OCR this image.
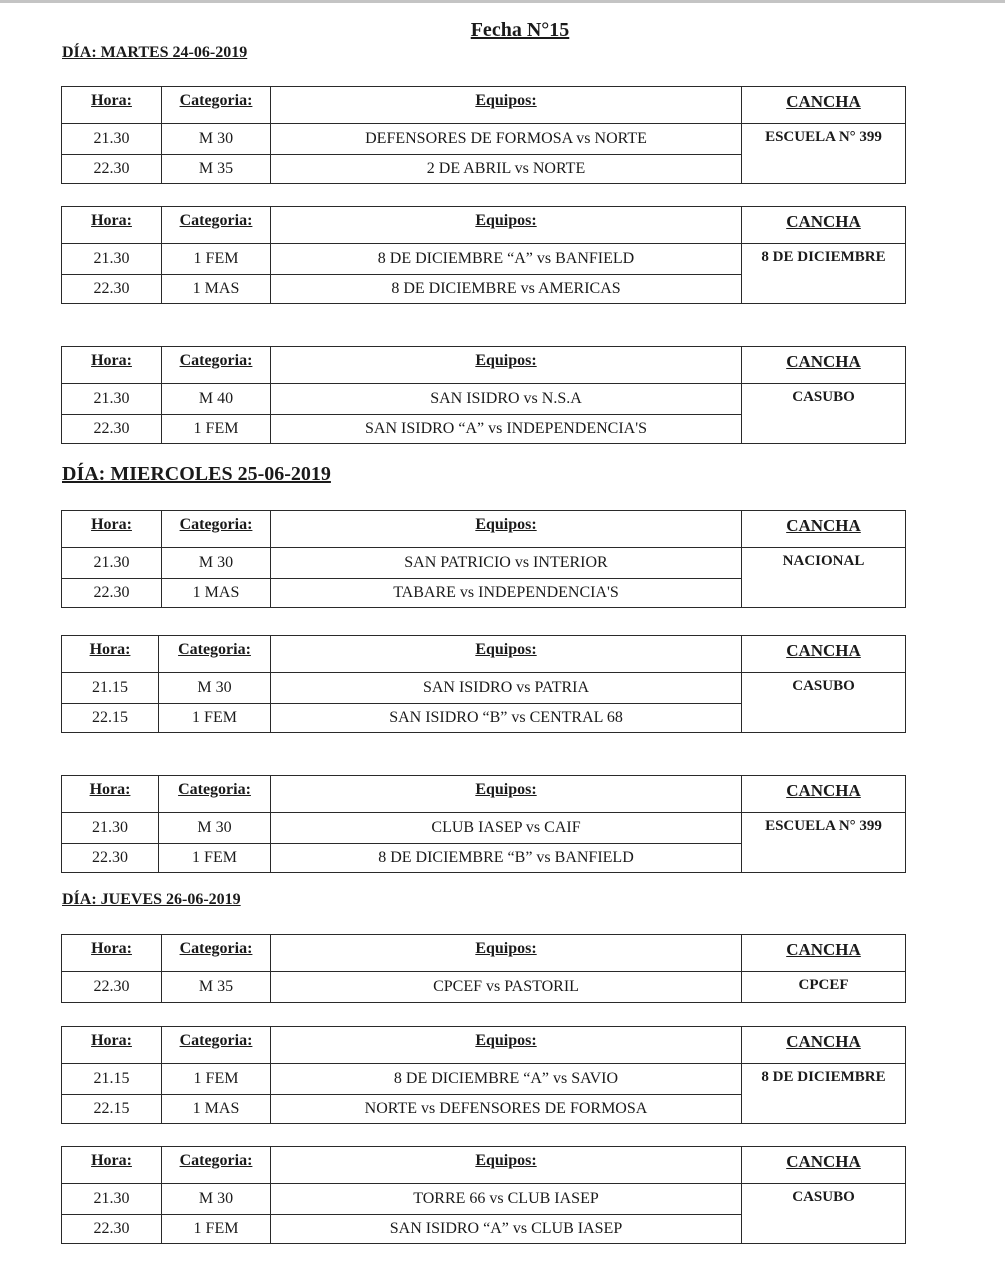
Fecha N°15
DÍA: MARTES 24-06-2019
DÍA: MIERCOLES 25-06-2019
DÍA: JUEVES 26-06-2019
Hora:	Categoria:	Equipos:	CANCHA
21.30	M 30	DEFENSORES DE FORMOSA vs NORTE	ESCUELA N° 399
22.30	M 35	2 DE ABRIL vs NORTE	
Hora:	Categoria:	Equipos:	CANCHA
21.30	1 FEM	8 DE DICIEMBRE “A” vs BANFIELD	8 DE DICIEMBRE
22.30	1 MAS	8 DE DICIEMBRE vs AMERICAS	
Hora:	Categoria:	Equipos:	CANCHA
21.30	M 40	SAN ISIDRO vs N.S.A	CASUBO
22.30	1 FEM	SAN ISIDRO “A” vs INDEPENDENCIA'S	
Hora:	Categoria:	Equipos:	CANCHA
21.30	M 30	SAN PATRICIO vs INTERIOR	NACIONAL
22.30	1 MAS	TABARE vs INDEPENDENCIA'S	
Hora:	Categoria:	Equipos:	CANCHA
21.15	M 30	SAN ISIDRO vs PATRIA	CASUBO
22.15	1 FEM	SAN ISIDRO “B” vs CENTRAL 68	
Hora:	Categoria:	Equipos:	CANCHA
21.30	M 30	CLUB IASEP vs CAIF	ESCUELA N° 399
22.30	1 FEM	8 DE DICIEMBRE “B” vs BANFIELD	
Hora:	Categoria:	Equipos:	CANCHA
22.30	M 35	CPCEF vs PASTORIL	CPCEF
Hora:	Categoria:	Equipos:	CANCHA
21.15	1 FEM	8 DE DICIEMBRE “A” vs SAVIO	8 DE DICIEMBRE
22.15	1 MAS	NORTE vs DEFENSORES DE FORMOSA	
Hora:	Categoria:	Equipos:	CANCHA
21.30	M 30	TORRE 66 vs CLUB IASEP	CASUBO
22.30	1 FEM	SAN ISIDRO “A” vs CLUB IASEP	
